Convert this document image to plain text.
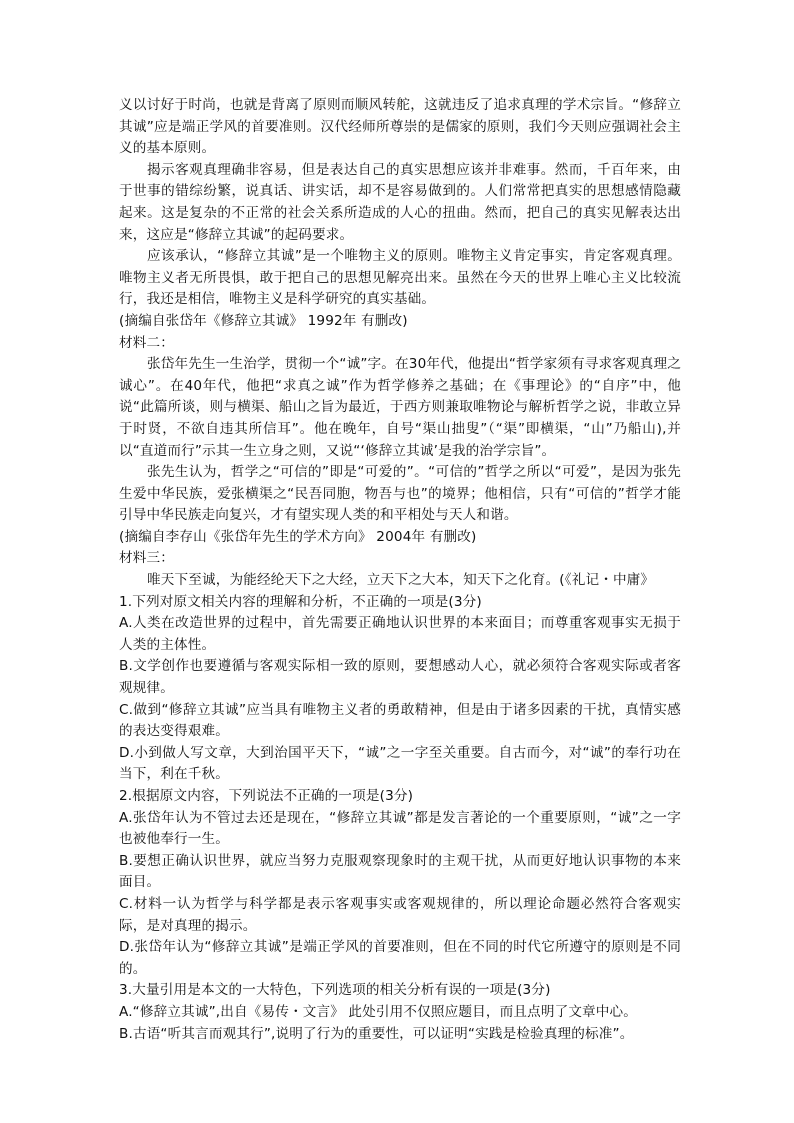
义以讨好于时尚，也就是背离了原则而顺风转舵，这就违反了追求真理的学术宗旨。“修辞立其诚”应是端正学风的首要准则。汉代经师所尊崇的是儒家的原则，我们今天则应强调社会主义的基本原则。

揭示客观真理确非容易，但是表达自己的真实思想应该并非难事。然而，千百年来，由于世事的错综纷繁，说真话、讲实话，却不是容易做到的。人们常常把真实的思想感情隐藏起来。这是复杂的不正常的社会关系所造成的人心的扭曲。然而，把自己的真实见解表达出来，这应是“修辞立其诚”的起码要求。

应该承认，“修辞立其诚”是一个唯物主义的原则。唯物主义肯定事实，肯定客观真理。唯物主义者无所畏惧，敢于把自己的思想见解亮出来。虽然在今天的世界上唯心主义比较流行，我还是相信，唯物主义是科学研究的真实基础。

(摘编自张岱年《修辞立其诚》 1992年 有删改)

材料二：

张岱年先生一生治学，贯彻一个“诚”字。在30年代，他提出“哲学家须有寻求客观真理之诚心”。在40年代，他把“求真之诚”作为哲学修养之基础；在《事理论》的“自序”中，他说“此篇所谈，则与横渠、船山之旨为最近，于西方则兼取唯物论与解析哲学之说，非敢立异于时贤，不欲自违其所信耳”。他在晚年，自号“渠山拙叟”（“渠”即横渠，“山”乃船山),并以“直道而行”示其一生立身之则，又说“‘修辞立其诚’是我的治学宗旨”。

张先生认为，哲学之“可信的”即是“可爱的”。“可信的”哲学之所以“可爱”，是因为张先生爱中华民族，爱张横渠之“民吾同胞，物吾与也”的境界；他相信，只有“可信的”哲学才能引导中华民族走向复兴，才有望实现人类的和平相处与天人和谐。

(摘编自李存山《张岱年先生的学术方向》 2004年 有删改)

材料三：

唯天下至诚，为能经纶天下之大经，立天下之大本，知天下之化育。(《礼记・中庸》

1.下列对原文相关内容的理解和分析，不正确的一项是(3分)

A.人类在改造世界的过程中，首先需要正确地认识世界的本来面目；而尊重客观事实无损于人类的主体性。

B.文学创作也要遵循与客观实际相一致的原则，要想感动人心，就必须符合客观实际或者客观规律。

C.做到“修辞立其诚”应当具有唯物主义者的勇敢精神，但是由于诸多因素的干扰，真情实感的表达变得艰难。

D.小到做人写文章，大到治国平天下，“诚”之一字至关重要。自古而今，对“诚”的奉行功在当下，利在千秋。

2.根据原文内容，下列说法不正确的一项是(3分)

A.张岱年认为不管过去还是现在，“修辞立其诚”都是发言著论的一个重要原则，“诚”之一字也被他奉行一生。

B.要想正确认识世界，就应当努力克服观察现象时的主观干扰，从而更好地认识事物的本来面目。

C.材料一认为哲学与科学都是表示客观事实或客观规律的，所以理论命题必然符合客观实际，是对真理的揭示。

D.张岱年认为“修辞立其诚”是端正学风的首要准则，但在不同的时代它所遵守的原则是不同的。

3.大量引用是本文的一大特色，下列选项的相关分析有误的一项是(3分)

A.“修辞立其诚”,出自《易传・文言》 此处引用不仅照应题目，而且点明了文章中心。

B.古语“听其言而观其行”,说明了行为的重要性，可以证明“实践是检验真理的标准”。
